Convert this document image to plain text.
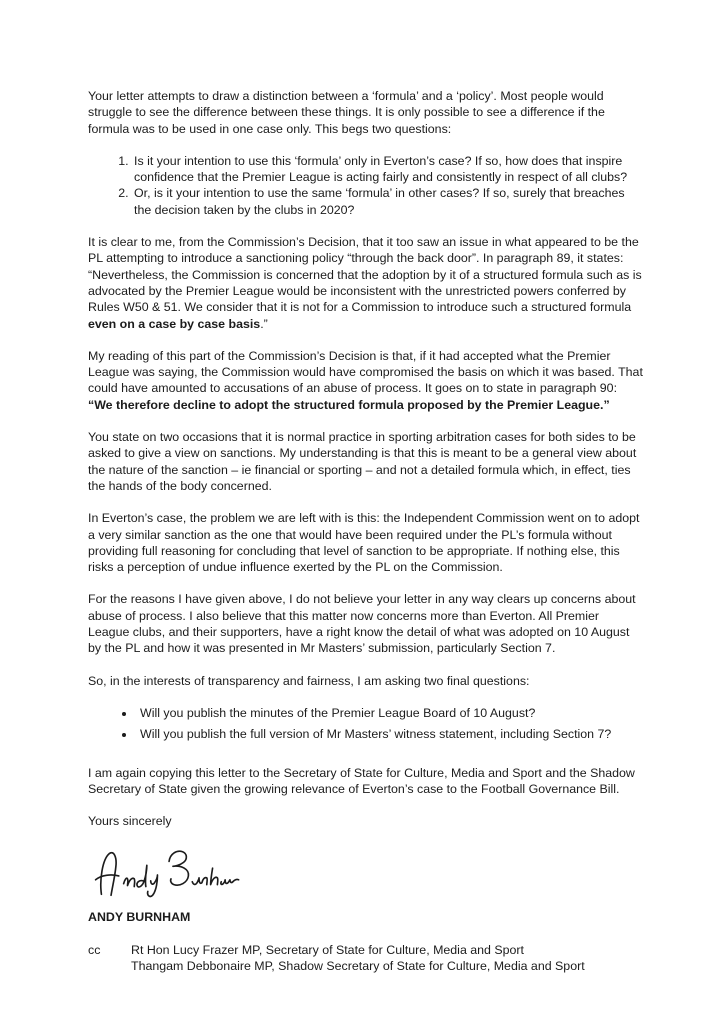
Your letter attempts to draw a distinction between a ‘formula’ and a ‘policy’. Most people would struggle to see the difference between these things. It is only possible to see a difference if the formula was to be used in one case only. This begs two questions:

1. Is it your intention to use this ‘formula’ only in Everton’s case? If so, how does that inspire confidence that the Premier League is acting fairly and consistently in respect of all clubs?
2. Or, is it your intention to use the same ‘formula’ in other cases? If so, surely that breaches the decision taken by the clubs in 2020?

It is clear to me, from the Commission’s Decision, that it too saw an issue in what appeared to be the PL attempting to introduce a sanctioning policy “through the back door”. In paragraph 89, it states: “Nevertheless, the Commission is concerned that the adoption by it of a structured formula such as is advocated by the Premier League would be inconsistent with the unrestricted powers conferred by Rules W50 & 51. We consider that it is not for a Commission to introduce such a structured formula even on a case by case basis.”

My reading of this part of the Commission’s Decision is that, if it had accepted what the Premier League was saying, the Commission would have compromised the basis on which it was based. That could have amounted to accusations of an abuse of process. It goes on to state in paragraph 90: “We therefore decline to adopt the structured formula proposed by the Premier League.”

You state on two occasions that it is normal practice in sporting arbitration cases for both sides to be asked to give a view on sanctions. My understanding is that this is meant to be a general view about the nature of the sanction – ie financial or sporting – and not a detailed formula which, in effect, ties the hands of the body concerned.

In Everton’s case, the problem we are left with is this: the Independent Commission went on to adopt a very similar sanction as the one that would have been required under the PL’s formula without providing full reasoning for concluding that level of sanction to be appropriate. If nothing else, this risks a perception of undue influence exerted by the PL on the Commission.

For the reasons I have given above, I do not believe your letter in any way clears up concerns about abuse of process. I also believe that this matter now concerns more than Everton. All Premier League clubs, and their supporters, have a right know the detail of what was adopted on 10 August by the PL and how it was presented in Mr Masters’ submission, particularly Section 7.

So, in the interests of transparency and fairness, I am asking two final questions:

• Will you publish the minutes of the Premier League Board of 10 August?
• Will you publish the full version of Mr Masters’ witness statement, including Section 7?

I am again copying this letter to the Secretary of State for Culture, Media and Sport and the Shadow Secretary of State given the growing relevance of Everton’s case to the Football Governance Bill.

Yours sincerely

ANDY BURNHAM

cc	Rt Hon Lucy Frazer MP, Secretary of State for Culture, Media and Sport
Thangam Debbonaire MP, Shadow Secretary of State for Culture, Media and Sport
